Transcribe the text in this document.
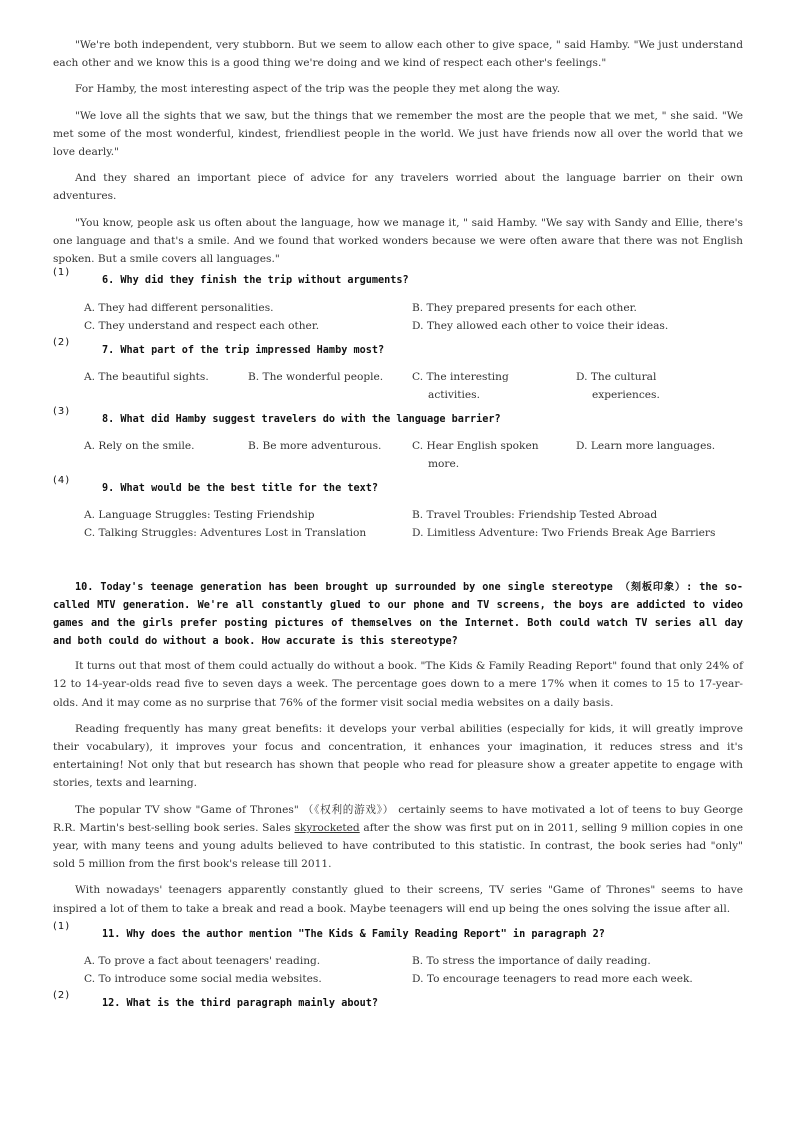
"We're both independent, very stubborn. But we seem to allow each other to give space, " said Hamby. "We just understand each other and we know this is a good thing we're doing and we kind of respect each other's feelings."

For Hamby, the most interesting aspect of the trip was the people they met along the way.

"We love all the sights that we saw, but the things that we remember the most are the people that we met, " she said. "We met some of the most wonderful, kindest, friendliest people in the world. We just have friends now all over the world that we love dearly."

And they shared an important piece of advice for any travelers worried about the language barrier on their own adventures.

"You know, people ask us often about the language, how we manage it, " said Hamby. "We say with Sandy and Ellie, there's one language and that's a smile. And we found that worked wonders because we were often aware that there was not English spoken. But a smile covers all languages."

(1)
6. Why did they finish the trip without arguments?
A. They had different personalities.	B. They prepared presents for each other.
C. They understand and respect each other.	D. They allowed each other to voice their ideas.
(2)
7. What part of the trip impressed Hamby most?
A. The beautiful sights.	B. The wonderful people.	C. The interesting activities.
D. The cultural experiences.
(3)
8. What did Hamby suggest travelers do with the language barrier?
A. Rely on the smile.	B. Be more adventurous.	C. Hear English spoken more.
D. Learn more languages.
(4)
9. What would be the best title for the text?
A. Language Struggles: Testing Friendship	B. Travel Troubles: Friendship Tested Abroad
C. Talking Struggles: Adventures Lost in Translation	D. Limitless Adventure: Two Friends Break Age Barriers
10. Today's teenage generation has been brought up surrounded by one single stereotype （刻板印象）: the so-called MTV generation. We're all constantly glued to our phone and TV screens, the boys are addicted to video games and the girls prefer posting pictures of themselves on the Internet. Both could watch TV series all day and both could do without a book. How accurate is this stereotype?

It turns out that most of them could actually do without a book. "The Kids & Family Reading Report" found that only 24% of 12 to 14-year-olds read five to seven days a week. The percentage goes down to a mere 17% when it comes to 15 to 17-year-olds. And it may come as no surprise that 76% of the former visit social media websites on a daily basis.

Reading frequently has many great benefits: it develops your verbal abilities (especially for kids, it will greatly improve their vocabulary), it improves your focus and concentration, it enhances your imagination, it reduces stress and it's entertaining! Not only that but research has shown that people who read for pleasure show a greater appetite to engage with stories, texts and learning.

The popular TV show "Game of Thrones" （《权利的游戏》） certainly seems to have motivated a lot of teens to buy George R.R. Martin's best-selling book series. Sales skyrocketed after the show was first put on in 2011, selling 9 million copies in one year, with many teens and young adults believed to have contributed to this statistic. In contrast, the book series had "only" sold 5 million from the first book's release till 2011.

With nowadays' teenagers apparently constantly glued to their screens, TV series "Game of Thrones" seems to have inspired a lot of them to take a break and read a book. Maybe teenagers will end up being the ones solving the issue after all.

(1)
11. Why does the author mention "The Kids & Family Reading Report" in paragraph 2?
A. To prove a fact about teenagers' reading.	B. To stress the importance of daily reading.
C. To introduce some social media websites.	D. To encourage teenagers to read more each week.
(2)
12. What is the third paragraph mainly about?
